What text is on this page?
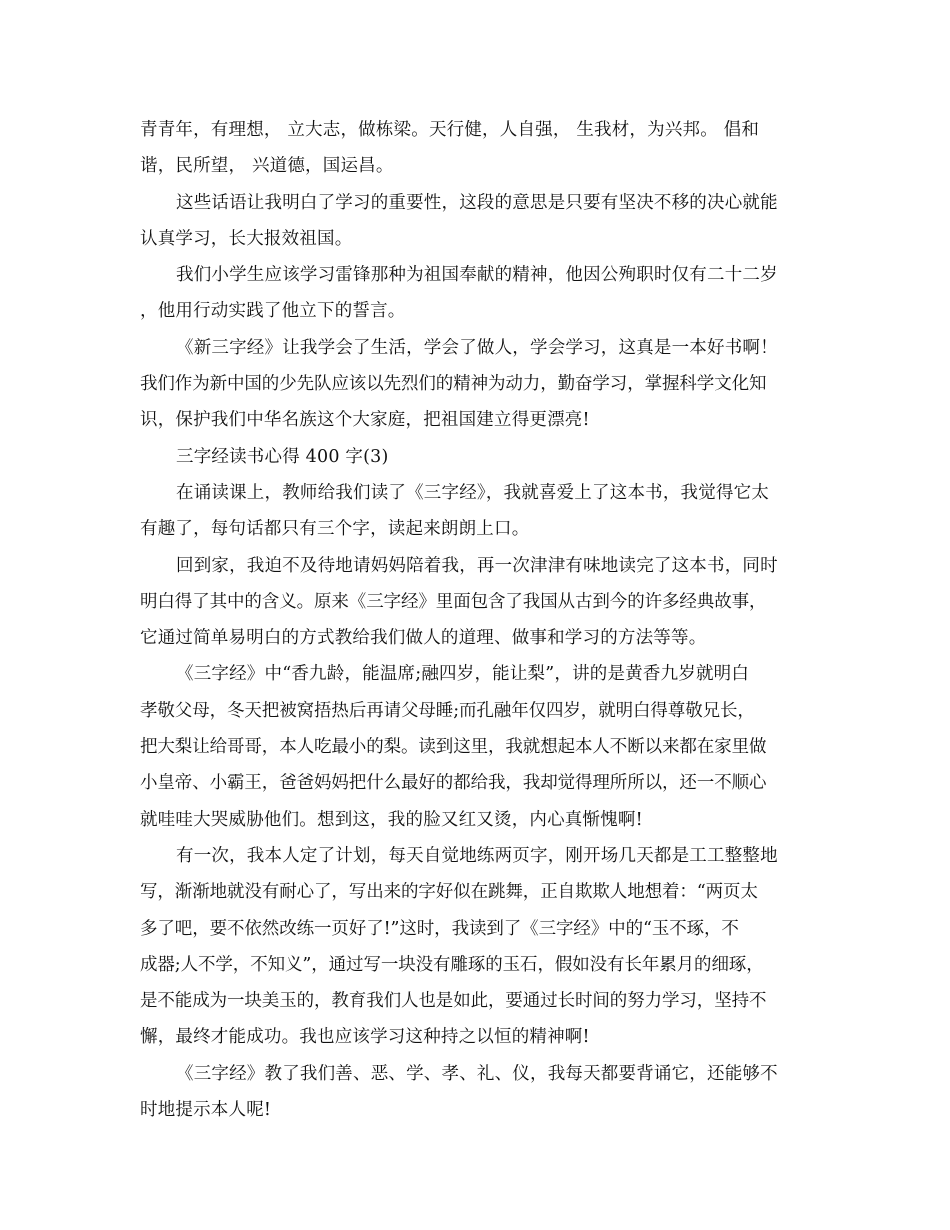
青青年，有理想， 立大志，做栋梁。天行健，人自强， 生我材，为兴邦。 倡和
谐，民所望， 兴道德，国运昌。
这些话语让我明白了学习的重要性，这段的意思是只要有坚决不移的决心就能
认真学习，长大报效祖国。
我们小学生应该学习雷锋那种为祖国奉献的精神，他因公殉职时仅有二十二岁
，他用行动实践了他立下的誓言。
《新三字经》让我学会了生活，学会了做人，学会学习，这真是一本好书啊！
我们作为新中国的少先队应该以先烈们的精神为动力，勤奋学习，掌握科学文化知
识，保护我们中华名族这个大家庭，把祖国建立得更漂亮!
三字经读书心得 400 字(3)
在诵读课上，教师给我们读了《三字经》，我就喜爱上了这本书，我觉得它太
有趣了，每句话都只有三个字，读起来朗朗上口。
回到家，我迫不及待地请妈妈陪着我，再一次津津有味地读完了这本书，同时
明白得了其中的含义。原来《三字经》里面包含了我国从古到今的许多经典故事，
它通过简单易明白的方式教给我们做人的道理、做事和学习的方法等等。
《三字经》中“香九龄，能温席;融四岁，能让梨”，讲的是黄香九岁就明白
孝敬父母，冬天把被窝捂热后再请父母睡;而孔融年仅四岁，就明白得尊敬兄长，
把大梨让给哥哥，本人吃最小的梨。读到这里，我就想起本人不断以来都在家里做
小皇帝、小霸王，爸爸妈妈把什么最好的都给我，我却觉得理所所以，还一不顺心
就哇哇大哭威胁他们。想到这，我的脸又红又烫，内心真惭愧啊!
有一次，我本人定了计划，每天自觉地练两页字，刚开场几天都是工工整整地
写，渐渐地就没有耐心了，写出来的字好似在跳舞，正自欺欺人地想着：“两页太
多了吧，要不依然改练一页好了!”这时，我读到了《三字经》中的“玉不琢，不
成器;人不学，不知义”，通过写一块没有雕琢的玉石，假如没有长年累月的细琢，
是不能成为一块美玉的，教育我们人也是如此，要通过长时间的努力学习，坚持不
懈，最终才能成功。我也应该学习这种持之以恒的精神啊!
《三字经》教了我们善、恶、学、孝、礼、仪，我每天都要背诵它，还能够不
时地提示本人呢!
